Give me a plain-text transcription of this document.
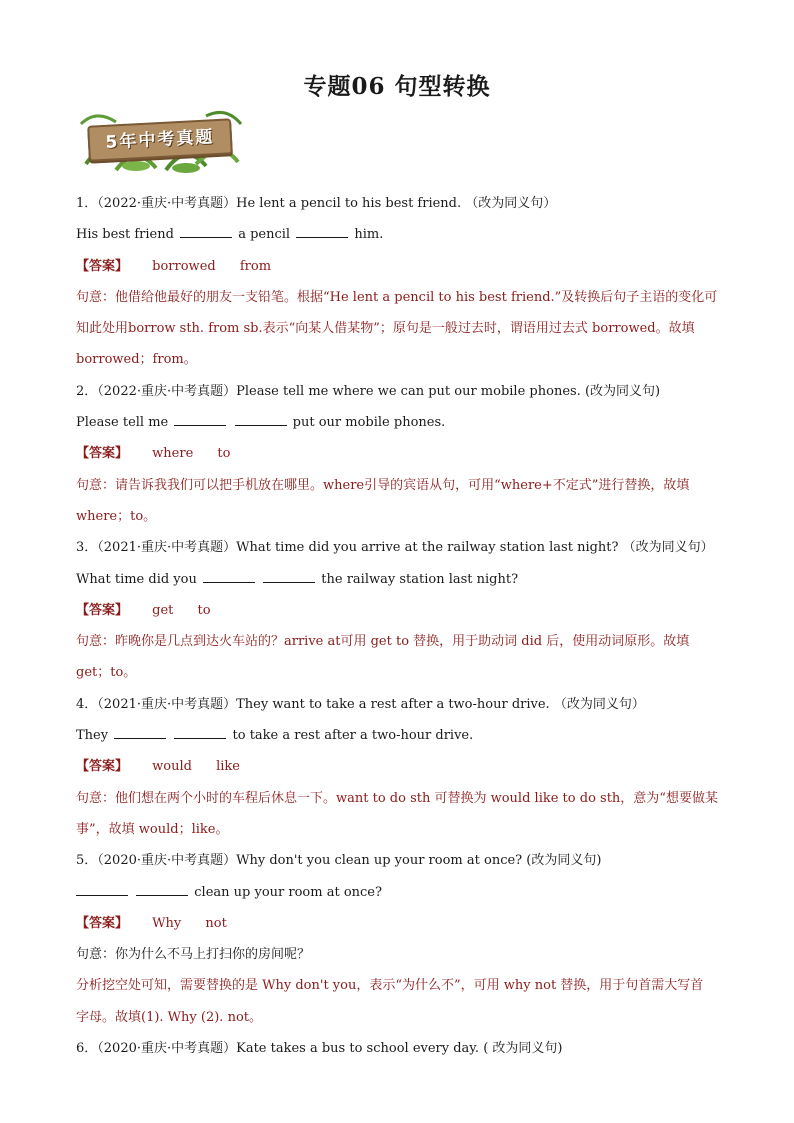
专题06 句型转换
5年中考真题
1．（2022·重庆·中考真题）He lent a pencil to his best friend. （改为同义句）
His best friend	a pencil	him.
【答案】 borrowed from
句意：他借给他最好的朋友一支铅笔。根据“He lent a pencil to his best friend.”及转换后句子主语的变化可
知此处用borrow sth. from sb.表示“向某人借某物”；原句是一般过去时，谓语用过去式 borrowed。故填
borrowed；from。
2．（2022·重庆·中考真题）Please tell me where we can put our mobile phones. (改为同义句)
Please tell me	put our mobile phones.
【答案】 where to
句意：请告诉我我们可以把手机放在哪里。where引导的宾语从句，可用“where+不定式”进行替换，故填
where；to。
3．（2021·重庆·中考真题）What time did you arrive at the railway station last night? （改为同义句）
What time did you	the railway station last night?
【答案】 get to
句意：昨晚你是几点到达火车站的？arrive at可用 get to 替换，用于助动词 did 后，使用动词原形。故填
get；to。
4．（2021·重庆·中考真题）They want to take a rest after a two-hour drive. （改为同义句）
They	to take a rest after a two-hour drive.
【答案】 would like
句意：他们想在两个小时的车程后休息一下。want to do sth 可替换为 would like to do sth，意为“想要做某
事”，故填 would；like。
5．（2020·重庆·中考真题）Why don't you clean up your room at once? (改为同义句)
clean up your room at once?
【答案】 Why not
句意：你为什么不马上打扫你的房间呢？
分析挖空处可知，需要替换的是 Why don't you，表示“为什么不”，可用 why not 替换，用于句首需大写首
字母。故填(1). Why (2). not。
6．（2020·重庆·中考真题）Kate takes a bus to school every day. ( 改为同义句)
